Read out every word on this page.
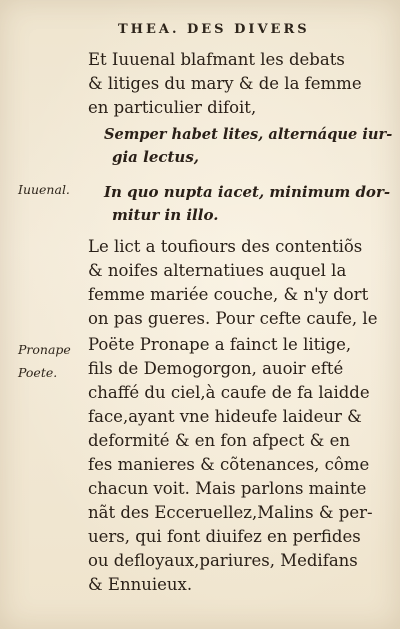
THEA. DES DIVERS
Iuuenal.
Pronape
Poete.
Et Iuuenal blafmant les debats
& litiges du mary & de la femme
en particulier difoit,
Semper habet lites, alternáque iur-
gia lectus,
In quo nupta iacet, minimum dor-
mitur in illo.
Le lict a toufiours des contentiõs
& noifes alternatiues auquel la
femme mariée couche, & n'y dort
on pas gueres. Pour cefte caufe, le
Poëte Pronape a fainct le litige,
fils de Demogorgon, auoir efté
chaffé du ciel,à caufe de fa laidde
face,ayant vne hideufe laideur &
deformité & en fon afpect & en
fes manieres & cõtenances, côme
chacun voit. Mais parlons mainte
nãt des Ecceruellez,Malins & per-
uers, qui font diuifez en perfides
ou defloyaux,pariures, Medifans
& Ennuieux.
